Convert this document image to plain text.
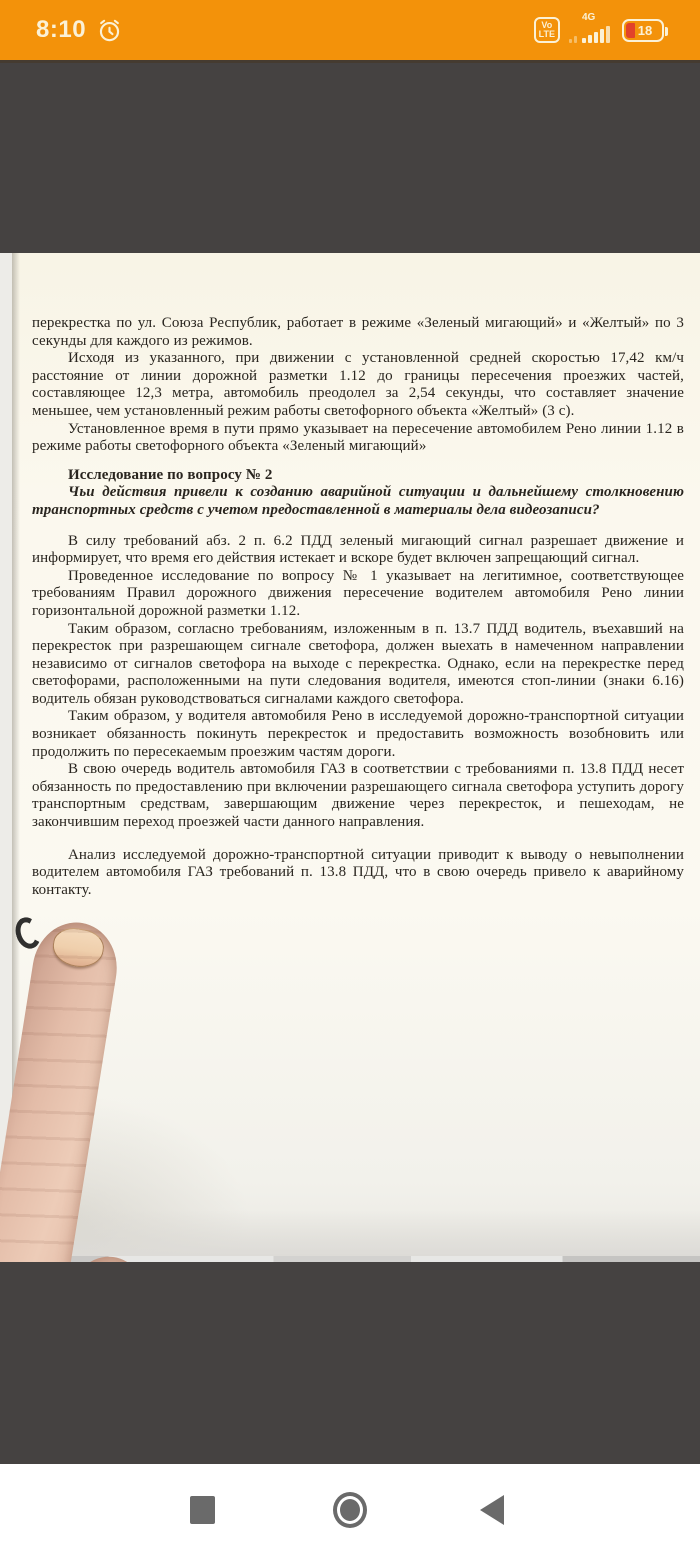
8:10	Vo
LTE
4G
18

перекрестка по ул. Союза Республик, работает в режиме «Зеленый мигающий» и «Желтый» по 3 секунды для каждого из режимов.

Исходя из указанного, при движении с установленной средней скоростью 17,42 км/ч расстояние от линии дорожной разметки 1.12 до границы пересечения проезжих частей, составляющее 12,3 метра, автомобиль преодолел за 2,54 секунды, что составляет значение меньшее, чем установленный режим работы светофорного объекта «Желтый» (3 с).

Установленное время в пути прямо указывает на пересечение автомобилем Рено линии 1.12 в режиме работы светофорного объекта «Зеленый мигающий»

Исследование по вопросу № 2

Чьи действия привели к созданию аварийной ситуации и дальнейшему столкновению транспортных средств с учетом предоставленной в материалы дела видеозаписи?

В силу требований абз. 2 п. 6.2 ПДД зеленый мигающий сигнал разрешает движение и информирует, что время его действия истекает и вскоре будет включен запрещающий сигнал.

Проведенное исследование по вопросу № 1 указывает на легитимное, соответствующее требованиям Правил дорожного движения пересечение водителем автомобиля Рено линии горизонтальной дорожной разметки 1.12.

Таким образом, согласно требованиям, изложенным в п. 13.7 ПДД водитель, въехавший на перекресток при разрешающем сигнале светофора, должен выехать в намеченном направлении независимо от сигналов светофора на выходе с перекрестка. Однако, если на перекрестке перед светофорами, расположенными на пути следования водителя, имеются стоп-линии (знаки 6.16) водитель обязан руководствоваться сигналами каждого светофора.

Таким образом, у водителя автомобиля Рено в исследуемой дорожно-транспортной ситуации возникает обязанность покинуть перекресток и предоставить возможность возобновить или продолжить по пересекаемым проезжим частям дороги.

В свою очередь водитель автомобиля ГАЗ в соответствии с требованиями п. 13.8 ПДД несет обязанность по предоставлению при включении разрешающего сигнала светофора уступить дорогу транспортным средствам, завершающим движение через перекресток, и пешеходам, не закончившим переход проезжей части данного направления.

Анализ исследуемой дорожно-транспортной ситуации приводит к выводу о невыполнении водителем автомобиля ГАЗ требований п. 13.8 ПДД, что в свою очередь привело к аварийному контакту.
